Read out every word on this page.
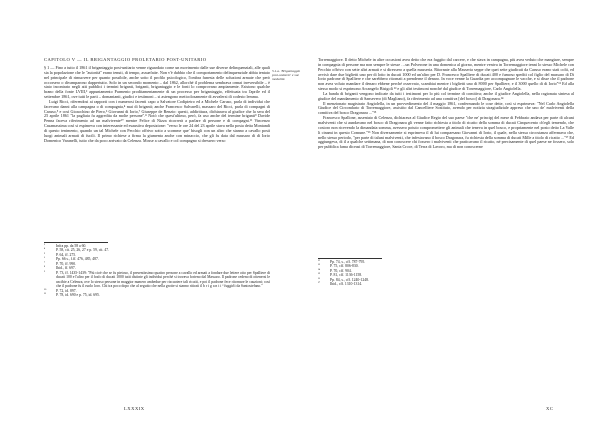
CAPITOLO V — IL BRIGANTAGGIO PROLETARIO POST-UNITARIO
5.1.a. 'Brigantaggio post-unitario' e sue modalità

§ 1 — Fino a tutto il 1861 il brigantaggio post-unitario venne riguardato come un movimento dalle sue diverse delinquenziali, alle quali sia la popolazione che le "autorità" erano tenuti, di tempo, assuefatte. Non v'è dubbio che il comportamento delinquenziale abbia tentato nel principale di rimuovere per quanto possibile, anche sotto il profilo psicologico, l'ombra funesta delle soluzioni armate che però occorsero o divamparono dappertutto. Solo in un secondo momento – dal 1862, allorché il problema sembrava ormai irreversibile – è stato incontrato negli atti pubblici i termini briganti, briganti, brigantaggio e le fonti lo comprovano ampiamente. Esistono qualche brano della fonte LVIII,³ appuntamento Parmenio proditamentamente di un processo per brigantaggio, effettuata tra l'aprile ed il settembre 1861, ove tutti le parti – domanianti, giudici e testimoni – si astengono meticolosamente di avvalersi di codesto lemma.

Luigi Ricci, riferendosi ai rapporti con i numerosi facenti capo a Salvatore Codipietro ed a Michele Caruso, parla di individui che facevano danni alla campagna o di compagnia,⁴ mai di briganti; anche Francesco Salvarelli, massaro del Ricci, parla di compagni di Caruso,⁵ e così Gioacchino de Piero,⁶ Giovanni di Iorio,⁷ Giuseppe de Renzio: questi, addirittura, dichiarava al giudice che la sera del 25 aprile 1861 "la pagliaia fu aggredita da molte persone".⁸ Notò che quest'ultimo, però, fa uso anche del termine briganti⁹ Davide Penna faceva riferimento ad un malvivente¹⁰ mentre Felice di Nizza ricorrerà a parlare di persone e di compagni.¹¹ Vincenzo Casamassima così si espimeva con interessante ed esaustiva deposizione: "verso le ore 24 del 23 aprile stava nella posta detta Montandi di questo tenimento, quando un tal Michele con Pecchio offrivo sotto a scomme que' bisogli con un altro che stanno a cavallo posti luogi animali armati di fucili. Il primo richiese a firma la giumenta anche con minaccio, che gli fu data dal massaro di di Iorio Domenico Varanelli, tutto che da poco arrivato da Celenza. Mosse a cavallo e col compagno si dressero verso

³	Infra pp. da 58 a 60.
⁴	P. 58, cit. 25, 26, 27 e p. 59, cit. 47.
⁵	P. 64, ff. 275.
⁶	Pp. 66 s., f.ff. 476, 485, 487.
⁷	P. 70, ff. 990.
⁸	Ibid., ff. 697.
⁹	P. 73, ff. 1435-1439: "Più cioè che se fu pietoso, il presentissimo quattro persone a cavallo ed armati a fondare due lettere otto per Spalliere di ducati 100 e l'altro per il fosfo di ducati 1000 tutti distinte gli individui perché si trovava forieno dal Massaro. Il padrone cedeno di ottenersi le uscibie a Celenza, ove lo stesso persone in maggior numero ambedue per riscuotere tali ricatti, e poi il padrone fece ritornare le cauzioni; così che il padrone fu il ruolo loro. Chi tra poco dopo che al seguito che nella grotte si stanno ritirati il b r i g a n t i ² fuggirli da Santostefano."
¹⁰	P. 72, id. 897.
¹¹	P. 78, id. 690 e p. 75, id. 695.
LXXXIX

Torremaggiore. Il detto Michele in altre occasioni avea detto che era fuggito dal carcere, e che stava in campagna, più avea veduto che mangiare, sempre in compagnia di persone ma non sempre le stesse …un Polverone in una domenica al giorno, mentre veniva in Torremaggiore tenni lo stesso Michele con Pecchio offrivo con sette altri armati e si diressero a quella masseria. Ritornate alla Masseria seppe che quei sette giudicati da Caruso erano stati colti, ed avvisò dare due biglietti uno per di lotto in ducati 1000 ed un'altro per D. Francesco Spalliere di ducati 400 e fumoso spediti col figlio del massaro di Di Iorio padrone di Spalliere e che sarebbero ritornati a prenderne il denaro. In voce venne la Guardia per accompagnare le vacche, e si disse che il padrone non avea voluto mandare il denaro ebbene perché osservato, scambiai mentre i biglietti uno di 8000 per Spalliere, e il 3000 quello di di Iorio"¹² Ed alla stesso modo si esprimono Arcangelo Bisigoli ¹³ e gli altri testimoni nonché dal giudice di Torremaggiore, Carlo Angiolella.

La banda di briganti vengono indicate da tutti i testimoni per lo più col termine di comitiva; anche il giudice Angiolella, nella ragionata sintesa al giudice del mandamento di Sansevero (di Magliano), fa riferimento ad una comitiva [del bosco] di Dragonara.¹⁴

Il menzionato magistrato Angiolella, in un provvedimento del 4 maggio 1861, confermando le cose dette, così si esprimeva: "Nel Carlo Angiolella Giudice del Circondario di Torremaggiore, assistito dal Cancelliere Sostituto, avendo per notizia stragiudiziale appreso che uno de' malviventi della comitiva del bosco Dragonara ..."¹⁵

Francesco Spallone, assentato di Celenza, dichiarava al Giudice Regio del suo paese "che ne' principj del mese di Febbraio andava per parte di alcuni malviventi che si aundavano nel bosco di Dragonara gli venne fatto richiesta a titolo di ricatto della somma di ducati Cinquecento ch'egli temendo, che costoro non ricevendo la dimandata somma, avessero potuto compromettere gli animali che teneva in quel bosco, e propriamente nel posto detto La Valle li cinami in questo Comune."¹⁶ Non diversamente si esprimeva il di lui compaesano Giovanni di Iorio, il quale, nella stessa circostanza affermava che, nello stesso periodo, "per parte di taluni malviventi, che infestavano il bosco Dragonara, fu richiesta della somma di ducati Mille a titolo di ricatto ..."¹⁷ Ed aggiungeva, di il a qualche settimana, di non conoscere chi fossero i malviventi che praticavano il ricatto, né precisamente di quel paese ne fossero, solo per pubblica fama diceasi di Torremaggiore, Santa Croce, di Terra di Lavoro, ma di non conoscerne

¹²	Pp. 74, s., cff. 787-795.
¹³	P. 75, cff. 806-830.
¹⁴	P. 70, cff. 904.
¹⁵	P. 81, cff. 1136-1158.
¹⁶	Pp. 84, s., cff. 1240-1248.
¹⁷	Ibid., cff. 1310-1314.
XC
